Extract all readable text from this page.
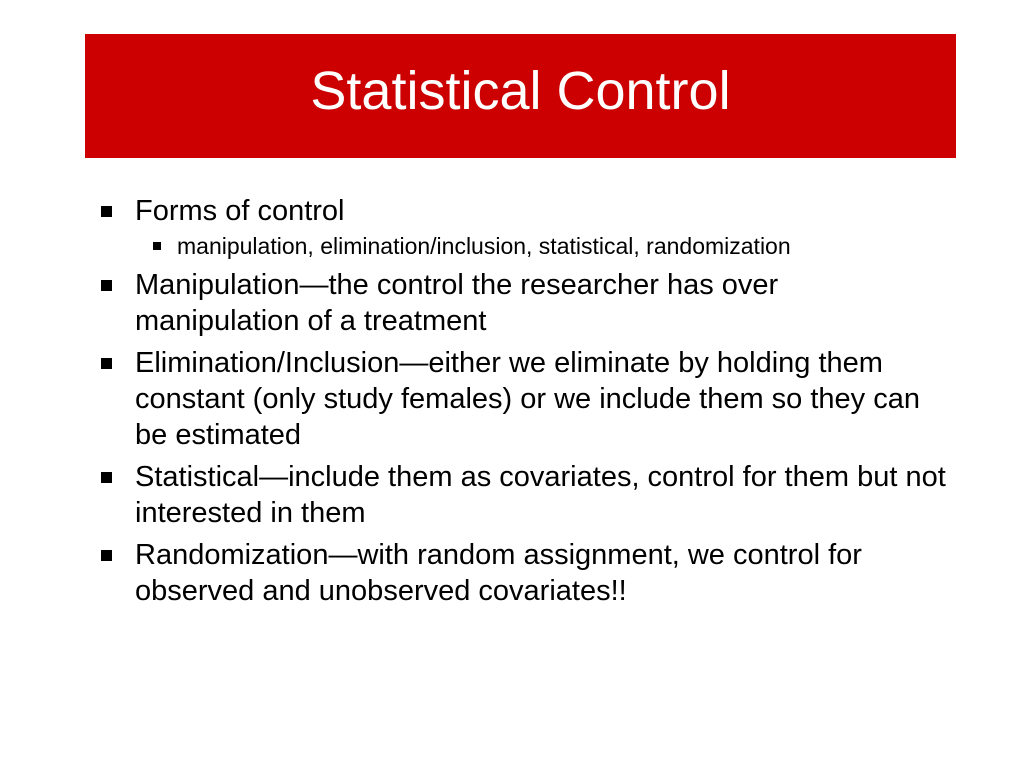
Statistical Control
Forms of control
manipulation, elimination/inclusion, statistical, randomization
Manipulation—the control the researcher has over manipulation of a treatment
Elimination/Inclusion—either we eliminate by holding them constant (only study females) or we include them so they can be estimated
Statistical—include them as covariates, control for them but not interested in them
Randomization—with random assignment, we control for observed and unobserved covariates!!
